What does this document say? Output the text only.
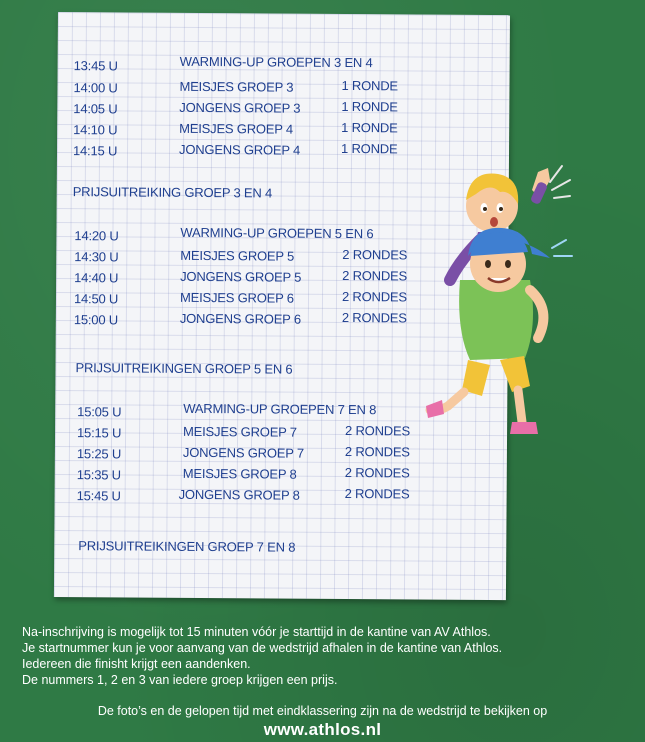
13:45 U	WARMING-UP GROEPEN 3 EN 4
14:00 U	MEISJES GROEP 3	1 RONDE
14:05 U	JONGENS GROEP 3	1 RONDE
14:10 U	MEISJES GROEP 4	1 RONDE
14:15 U	JONGENS GROEP 4	1 RONDE
PRIJSUITREIKING GROEP 3 EN 4
14:20 U	WARMING-UP GROEPEN 5 EN 6
14:30 U	MEISJES GROEP 5	2 RONDES
14:40 U	JONGENS GROEP 5	2 RONDES
14:50 U	MEISJES GROEP 6	2 RONDES
15:00 U	JONGENS GROEP 6	2 RONDES
PRIJSUITREIKINGEN GROEP 5 EN 6
15:05 U	WARMING-UP GROEPEN 7 EN 8
15:15 U	MEISJES GROEP 7	2 RONDES
15:25 U	JONGENS GROEP 7	2 RONDES
15:35 U	MEISJES GROEP 8	2 RONDES
15:45 U	JONGENS GROEP 8	2 RONDES
PRIJSUITREIKINGEN GROEP 7 EN 8
Na-inschrijving is mogelijk tot 15 minuten vóór je starttijd in de kantine van AV Athlos.
Je startnummer kun je voor aanvang van de wedstrijd afhalen in de kantine van Athlos.
Iedereen die finisht krijgt een aandenken.
De nummers 1, 2 en 3 van iedere groep krijgen een prijs.
De foto’s en de gelopen tijd met eindklassering zijn na de wedstrijd te bekijken op
www.athlos.nl
